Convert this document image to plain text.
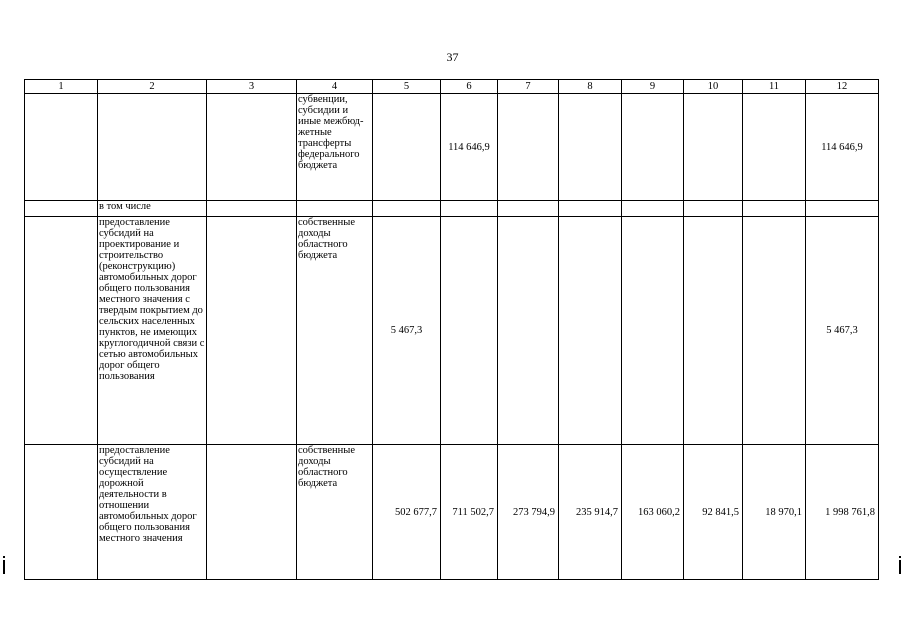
37
1	2	3	4	5	6	7	8	9	10	11	12
			субвенции, субсидии и иные межбюд-жетные трансферты федерального бюджета		114 646,9						114 646,9
	в том числе										
	предоставление субсидий на проектирование и строительство (реконструкцию) автомобильных дорог общего пользования местного значения с твердым покрытием до сельских населенных пунктов, не имеющих круглогодичной связи с сетью автомобильных дорог общего пользования		собственные доходы областного бюджета	5 467,3							5 467,3
	предоставление субсидий на осуществление дорожной деятельности в отношении автомобильных дорог общего пользования местного значения		собственные доходы областного бюджета	502 677,7	711 502,7	273 794,9	235 914,7	163 060,2	92 841,5	18 970,1	1 998 761,8
